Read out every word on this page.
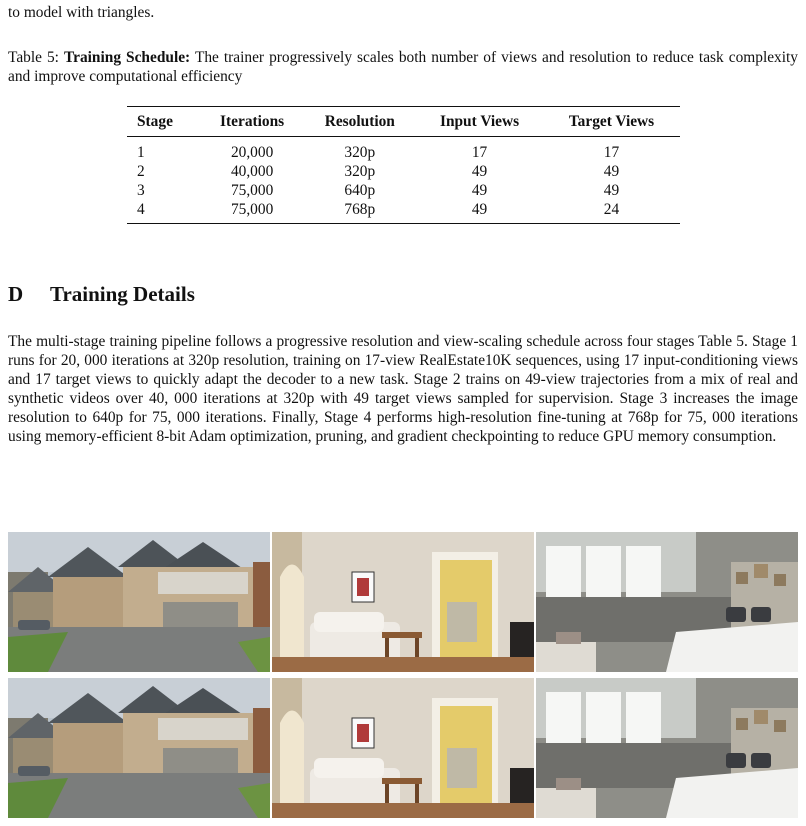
to model with triangles.
Table 5: Training Schedule: The trainer progressively scales both number of views and resolution to reduce task complexity and improve computational efficiency
Stage	Iterations	Resolution	Input Views	Target Views
1	20,000	320p	17	17
2	40,000	320p	49	49
3	75,000	640p	49	49
4	75,000	768p	49	24
D Training Details
The multi-stage training pipeline follows a progressive resolution and view-scaling schedule across four stages Table 5. Stage 1 runs for 20, 000 iterations at 320p resolution, training on 17-view RealEstate10K sequences, using 17 input-conditioning views and 17 target views to quickly adapt the decoder to a new task. Stage 2 trains on 49-view trajectories from a mix of real and synthetic videos over 40, 000 iterations at 320p with 49 target views sampled for supervision. Stage 3 increases the image resolution to 640p for 75, 000 iterations. Finally, Stage 4 performs high-resolution fine-tuning at 768p for 75, 000 iterations using memory-efficient 8-bit Adam optimization, pruning, and gradient checkpointing to reduce GPU memory consumption.
